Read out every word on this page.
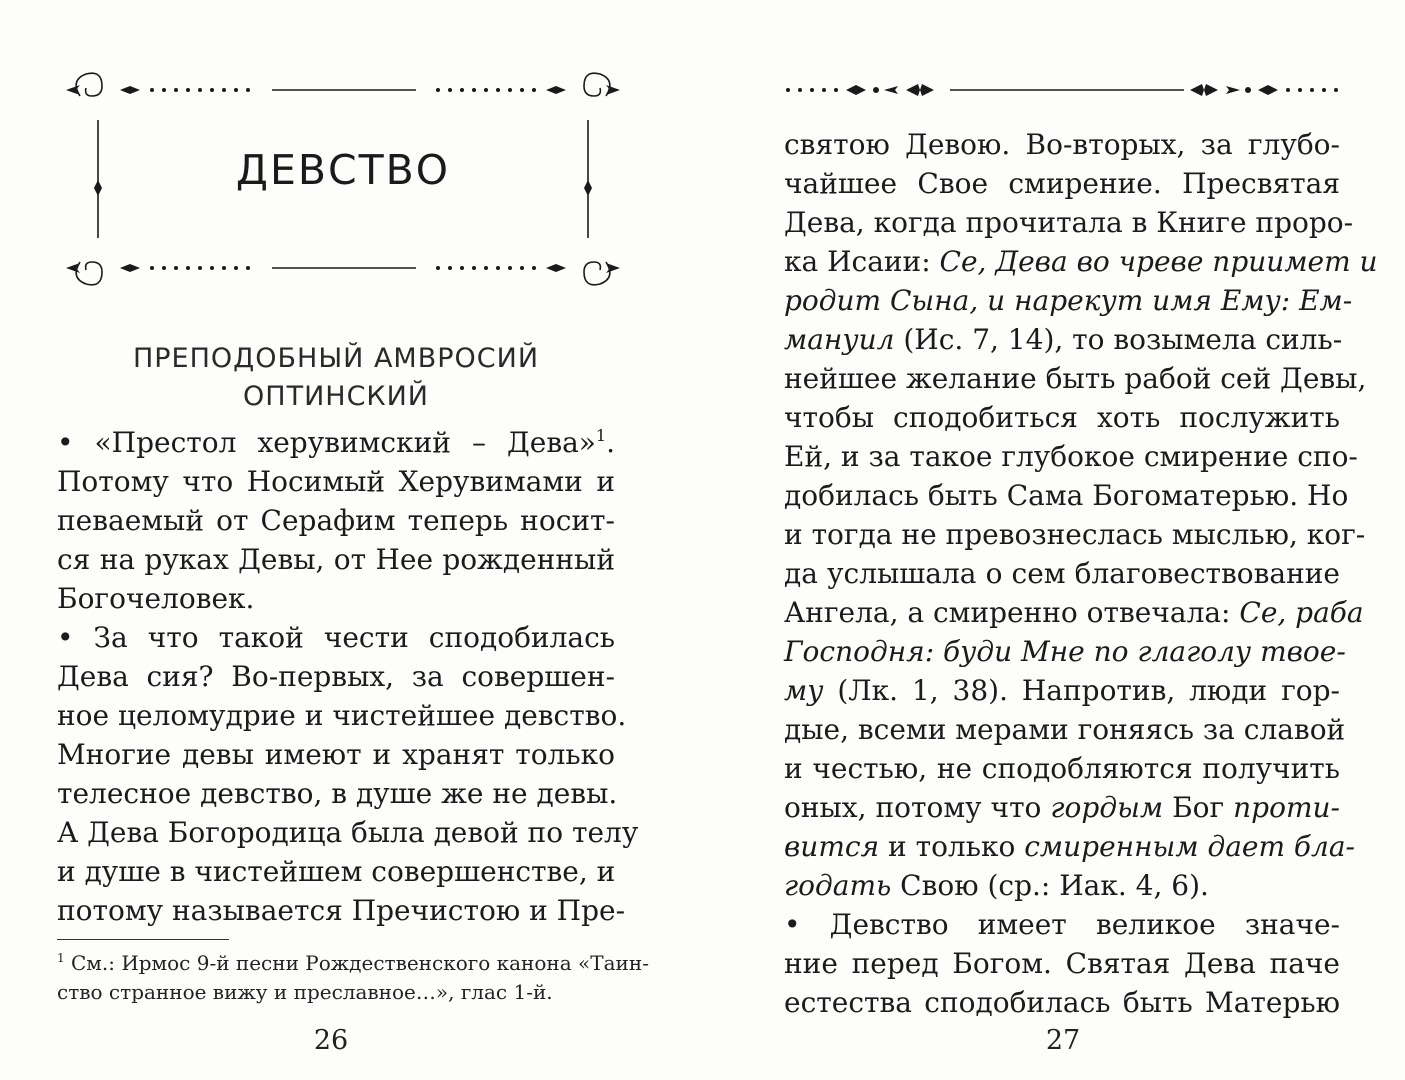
ДЕВСТВО
ПРЕПОДОБНЫЙ АМВРОСИЙ
ОПТИНСКИЙ
• «Престол херувимский – Дева»$^1$.
Потому что Носимый Херувимами и
певаемый от Серафим теперь носит-
ся на руках Девы, от Нее рожденный
Богочеловек.
• За что такой чести сподобилась
Дева сия? Во-первых, за совершен-
ное целомудрие и чистейшее девство.
Многие девы имеют и хранят только
телесное девство, в душе же не девы.
А Дева Богородица была девой по телу
и душе в чистейшем совершенстве, и
потому называется Пречистою и Пре-
$^1$ См.: Ирмос 9-й песни Рождественского канона «Таин-
ство странное вижу и преславное…», глас 1-й.
26
святою Девою. Во-вторых, за глубо-
чайшее Свое смирение. Пресвятая
Дева, когда прочитала в Книге проро-
ка Исаии: Се, Дева во чреве приимет и
родит Сына, и нарекут имя Ему: Ем-
мануил (Ис. 7, 14), то возымела силь-
нейшее желание быть рабой сей Девы,
чтобы сподобиться хоть послужить
Ей, и за такое глубокое смирение спо-
добилась быть Сама Богоматерью. Но
и тогда не превознеслась мыслью, ког-
да услышала о сем благовествование
Ангела, а смиренно отвечала: Се, раба
Господня: буди Мне по глаголу твое-
му (Лк. 1, 38). Напротив, люди гор-
дые, всеми мерами гоняясь за славой
и честью, не сподобляются получить
оных, потому что гордым Бог проти-
вится и только смиренным дает бла-
годать Свою (ср.: Иак. 4, 6).
• Девство имеет великое значе-
ние перед Богом. Святая Дева паче
естества сподобилась быть Матерью
27
